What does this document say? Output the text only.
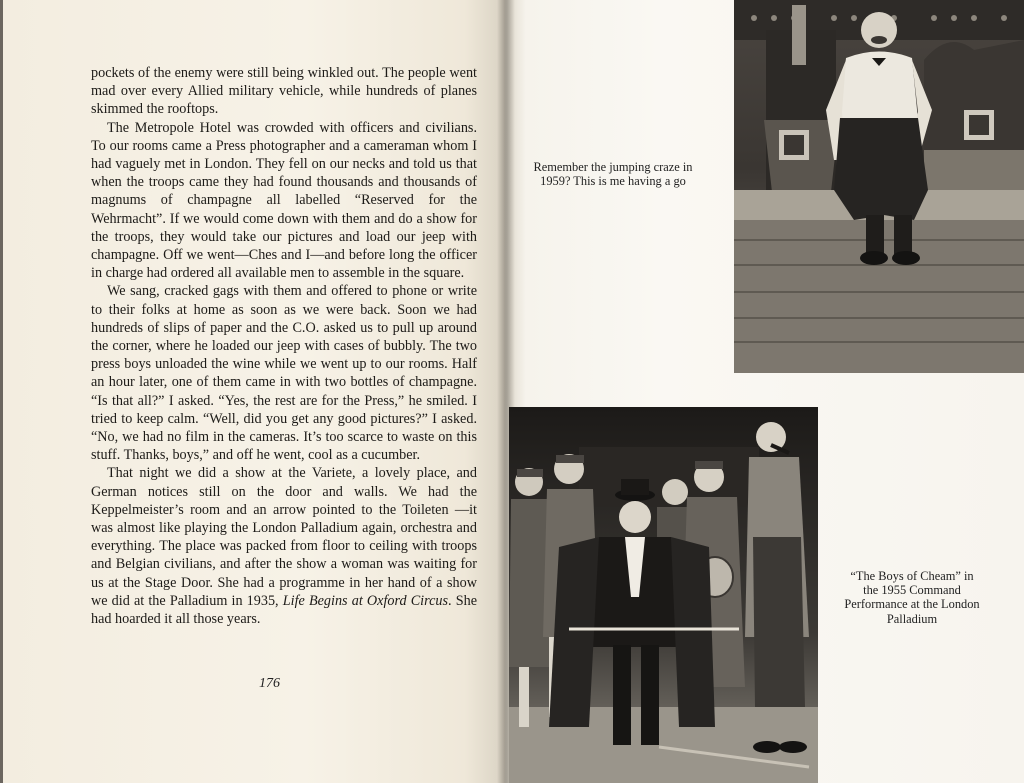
pockets of the enemy were still being winkled out. The people went mad over every Allied military vehicle, while hundreds of planes skimmed the rooftops.

The Metropole Hotel was crowded with officers and civilians. To our rooms came a Press photographer and a cameraman whom I had vaguely met in London. They fell on our necks and told us that when the troops came they had found thousands and thousands of magnums of champagne all labelled “Reserved for the Wehrmacht”. If we would come down with them and do a show for the troops, they would take our pictures and load our jeep with champagne. Off we went—Ches and I—and before long the officer in charge had ordered all available men to assemble in the square.

We sang, cracked gags with them and offered to phone or write to their folks at home as soon as we were back. Soon we had hundreds of slips of paper and the C.O. asked us to pull up around the corner, where he loaded our jeep with cases of bubbly. The two press boys unloaded the wine while we went up to our rooms. Half an hour later, one of them came in with two bottles of champagne. “Is that all?” I asked. “Yes, the rest are for the Press,” he smiled. I tried to keep calm. “Well, did you get any good pictures?” I asked. “No, we had no film in the cameras. It’s too scarce to waste on this stuff. Thanks, boys,” and off he went, cool as a cucumber.

That night we did a show at the Variete, a lovely place, and German notices still on the door and walls. We had the Keppelmeister’s room and an arrow pointed to the Toileten —it was almost like playing the London Palladium again, orchestra and everything. The place was packed from floor to ceiling with troops and Belgian civilians, and after the show a woman was waiting for us at the Stage Door. She had a programme in her hand of a show we did at the Palladium in 1935, Life Begins at Oxford Circus. She had hoarded it all those years.

176
Remember the jumping craze in 1959? This is me having a go
“The Boys of Cheam” in the 1955 Command Performance at the London Palladium
